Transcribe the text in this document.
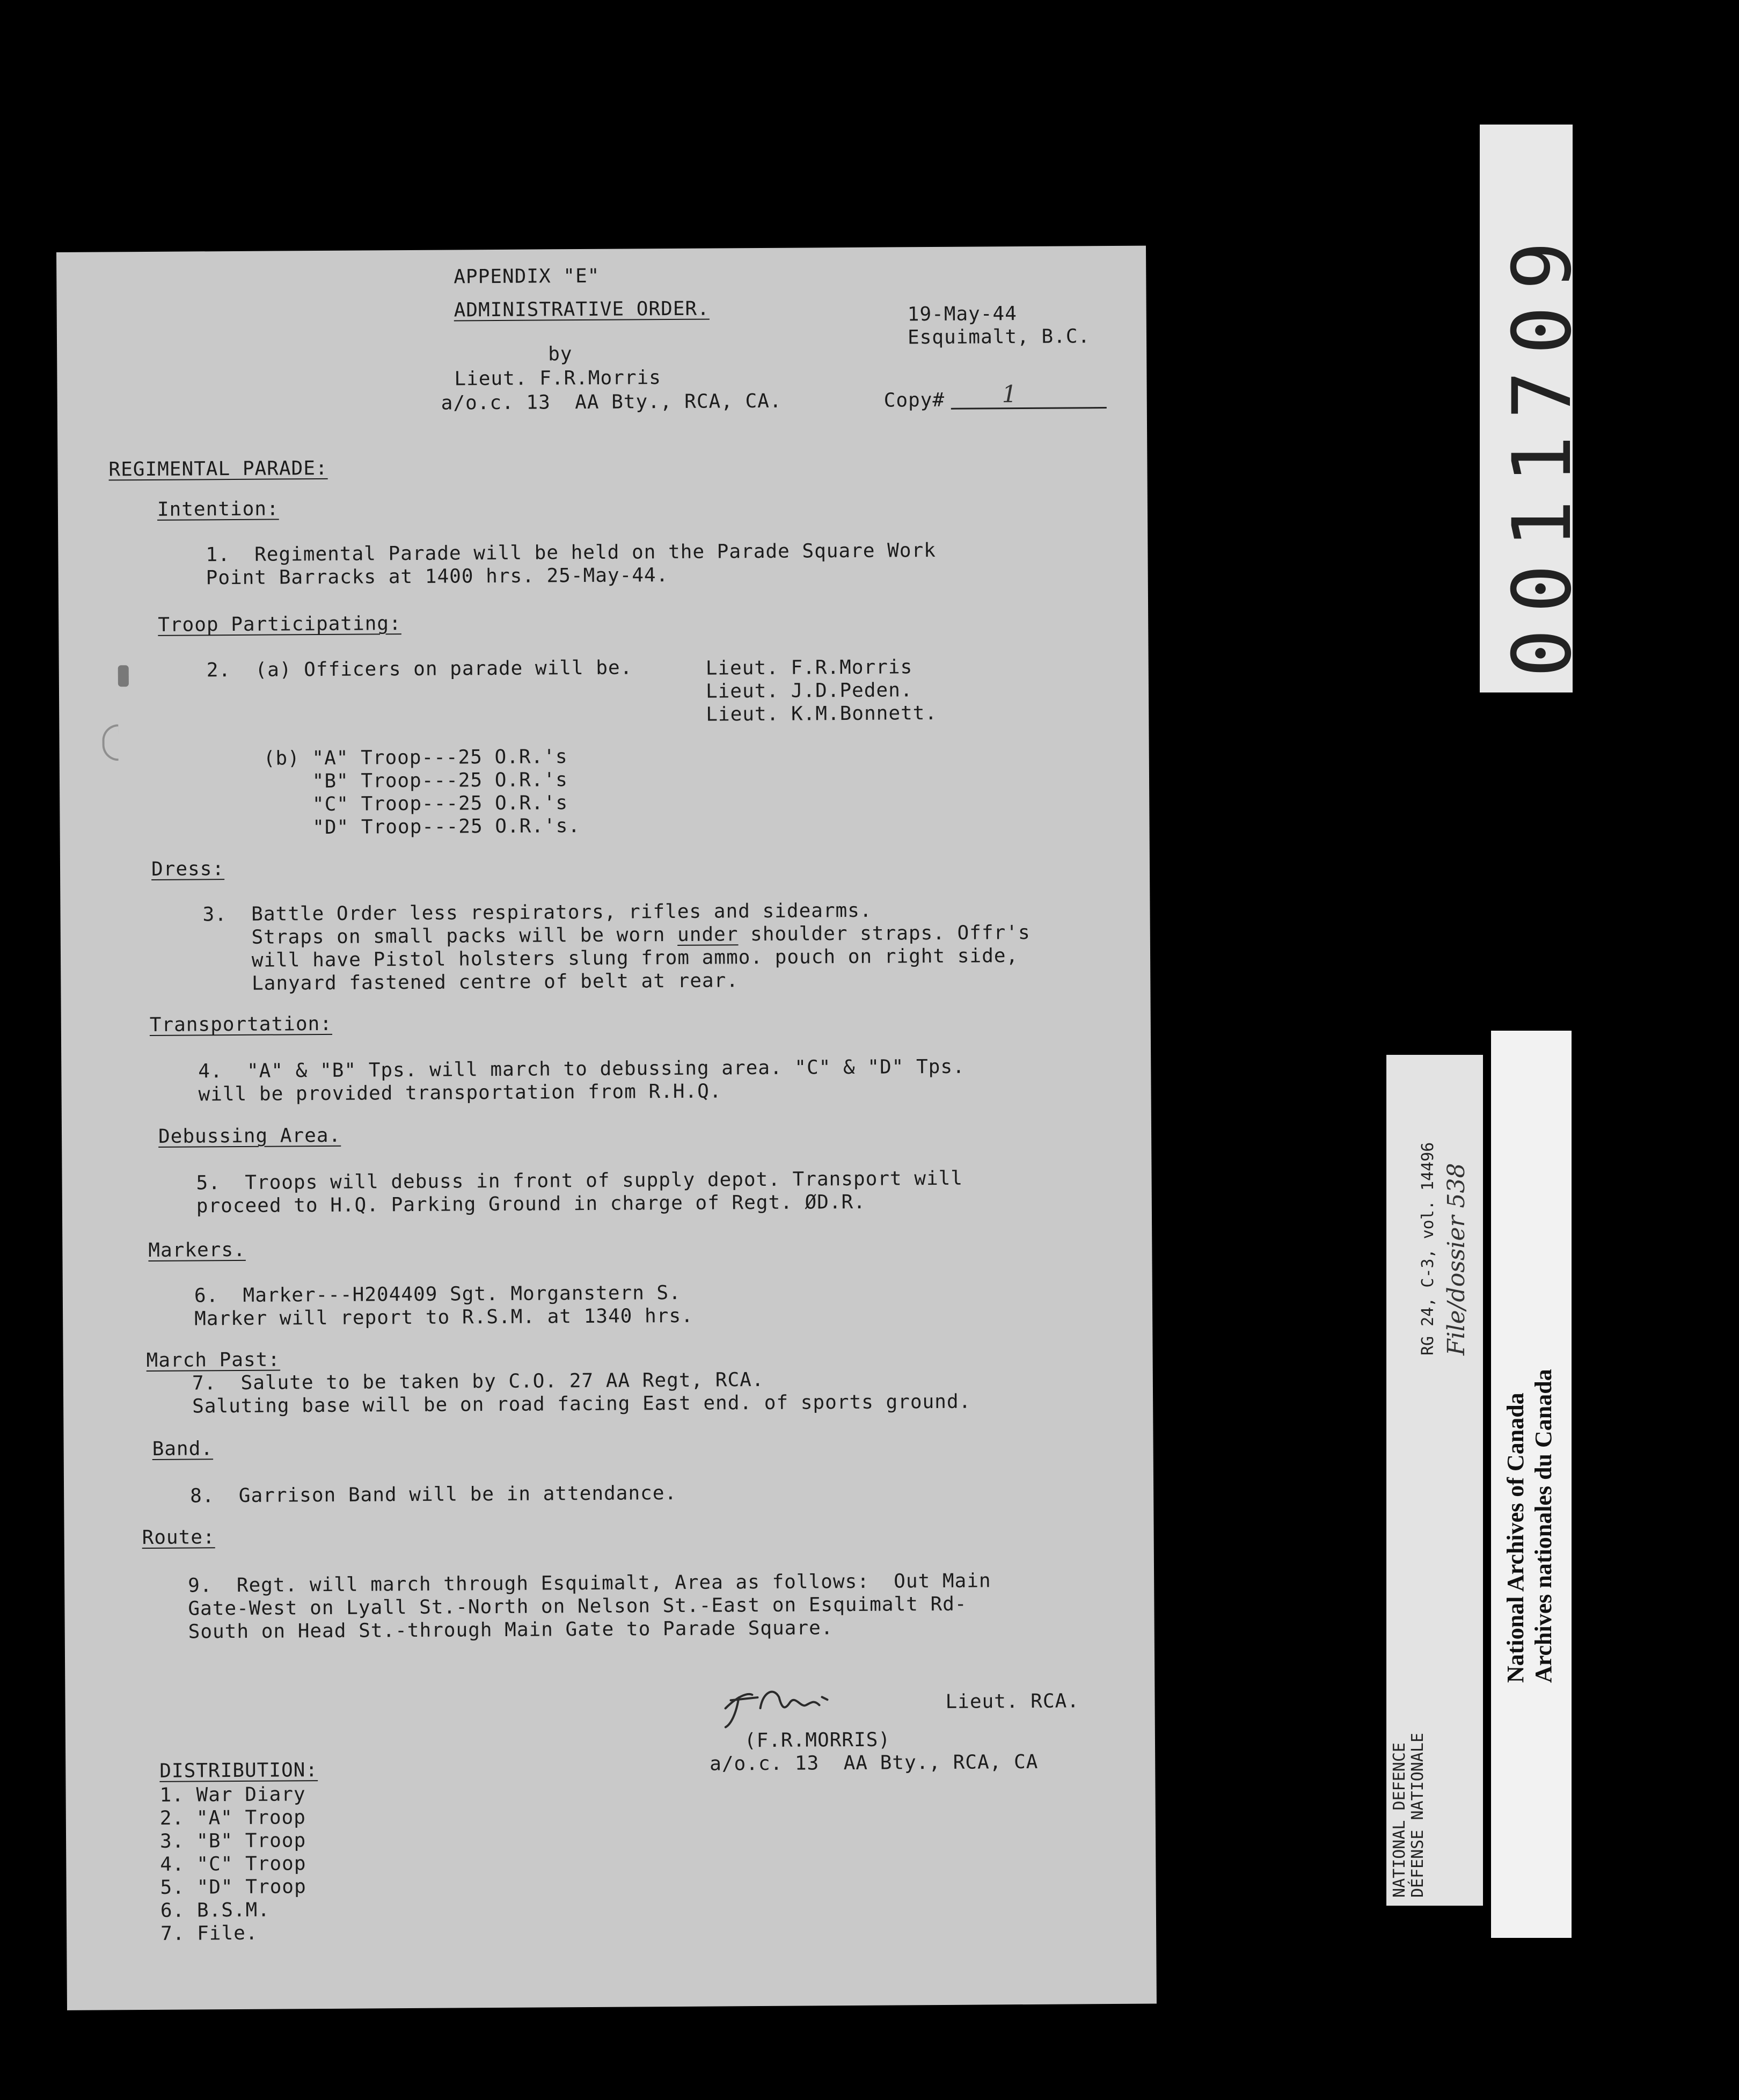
APPENDIX "E"
ADMINISTRATIVE ORDER.
by
Lieut. F.R.Morris
a/o.c. 13  AA Bty., RCA, CA.
19-May-44
Esquimalt, B.C.
Copy# 1
REGIMENTAL PARADE:
Intention:
1.  Regimental Parade will be held on the Parade Square Work
Point Barracks at 1400 hrs. 25-May-44.
Troop Participating:
2.  (a) Officers on parade will be.	Lieut. F.R.Morris
Lieut. J.D.Peden.
Lieut. K.M.Bonnett.
(b) "A" Troop---25 O.R.'s
"B" Troop---25 O.R.'s
"C" Troop---25 O.R.'s
"D" Troop---25 O.R.'s.
Dress:
3.  Battle Order less respirators, rifles and sidearms.
Straps on small packs will be worn under shoulder straps. Offr's
will have Pistol holsters slung from ammo. pouch on right side,
Lanyard fastened centre of belt at rear.
Transportation:
4.  "A" & "B" Tps. will march to debussing area. "C" & "D" Tps.
will be provided transportation from R.H.Q.
Debussing Area.
5.  Troops will debuss in front of supply depot. Transport will
proceed to H.Q. Parking Ground in charge of Regt. ØD.R.
Markers.
6.  Marker---H204409 Sgt. Morganstern S.
Marker will report to R.S.M. at 1340 hrs.
March Past:
7.  Salute to be taken by C.O. 27 AA Regt, RCA.
Saluting base will be on road facing East end. of sports ground.
Band.
8.  Garrison Band will be in attendance.
Route:
9.  Regt. will march through Esquimalt, Area as follows:  Out Main
Gate-West on Lyall St.-North on Nelson St.-East on Esquimalt Rd-
South on Head St.-through Main Gate to Parade Square.
Lieut. RCA.
(F.R.MORRIS)
a/o.c. 13  AA Bty., RCA, CA
DISTRIBUTION:
1. War Diary
2. "A" Troop
3. "B" Troop
4. "C" Troop
5. "D" Troop
6. B.S.M.
7. File.
0011709
NATIONAL DEFENCE DÉFENSE NATIONALE
RG 24, C-3, vol. 14496 File/dossier 538
National Archives of Canada Archives nationales du Canada
